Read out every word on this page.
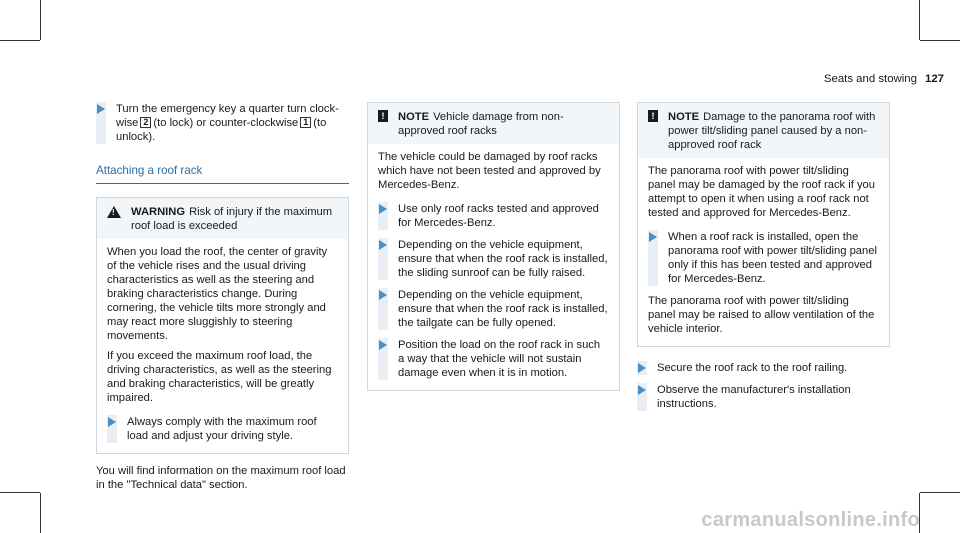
Seats and stowing 127
Turn the emergency key a quarter turn clock-wise 2 (to lock) or counter-clockwise 1 (to unlock).
Attaching a roof rack
! WARNING Risk of injury if the maximum roof load is exceeded

When you load the roof, the center of gravity of the vehicle rises and the usual driving characteristics as well as the steering and braking characteristics change. During cornering, the vehicle tilts more strongly and may react more sluggishly to steering movements.

If you exceed the maximum roof load, the driving characteristics, as well as the steering and braking characteristics, will be greatly impaired.

Always comply with the maximum roof load and adjust your driving style.

You will find information on the maximum roof load in the "Technical data" section.

!	NOTE Vehicle damage from non-approved roof racks

The vehicle could be damaged by roof racks which have not been tested and approved by Mercedes-Benz.

Use only roof racks tested and approved for Mercedes-Benz.
Depending on the vehicle equipment, ensure that when the roof rack is installed, the sliding sunroof can be fully raised.
Depending on the vehicle equipment, ensure that when the roof rack is installed, the tailgate can be fully opened.
Position the load on the roof rack in such a way that the vehicle will not sustain damage even when it is in motion.
!	NOTE Damage to the panorama roof with power tilt/sliding panel caused by a non-approved roof rack

The panorama roof with power tilt/sliding panel may be damaged by the roof rack if you attempt to open it when using a roof rack not tested and approved for Mercedes-Benz.

When a roof rack is installed, open the panorama roof with power tilt/sliding panel only if this has been tested and approved for Mercedes-Benz.

The panorama roof with power tilt/sliding panel may be raised to allow ventilation of the vehicle interior.

Secure the roof rack to the roof railing.
Observe the manufacturer's installation instructions.
carmanualsonline.info
